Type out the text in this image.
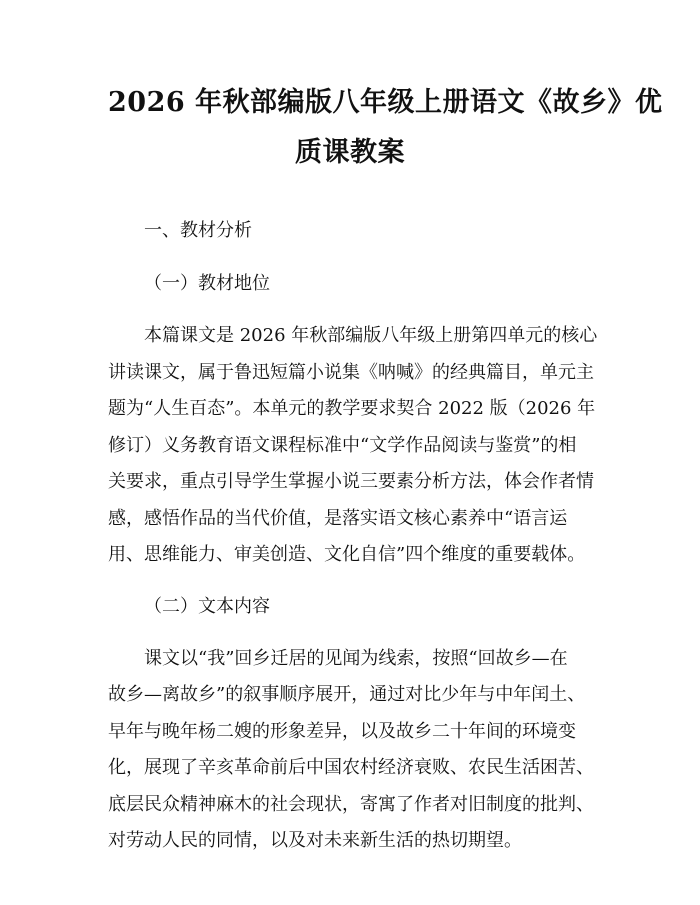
2026 年秋部编版八年级上册语文《故乡》优
质课教案

一、教材分析

（一）教材地位

本篇课文是 2026 年秋部编版八年级上册第四单元的核心
讲读课文，属于鲁迅短篇小说集《呐喊》的经典篇目，单元主
题为“人生百态”。本单元的教学要求契合 2022 版（2026 年
修订）义务教育语文课程标准中“文学作品阅读与鉴赏”的相
关要求，重点引导学生掌握小说三要素分析方法，体会作者情
感，感悟作品的当代价值，是落实语文核心素养中“语言运
用、思维能力、审美创造、文化自信”四个维度的重要载体。

（二）文本内容

课文以“我”回乡迁居的见闻为线索，按照“回故乡—在
故乡—离故乡”的叙事顺序展开，通过对比少年与中年闰土、
早年与晚年杨二嫂的形象差异，以及故乡二十年间的环境变
化，展现了辛亥革命前后中国农村经济衰败、农民生活困苦、
底层民众精神麻木的社会现状，寄寓了作者对旧制度的批判、
对劳动人民的同情，以及对未来新生活的热切期望。
